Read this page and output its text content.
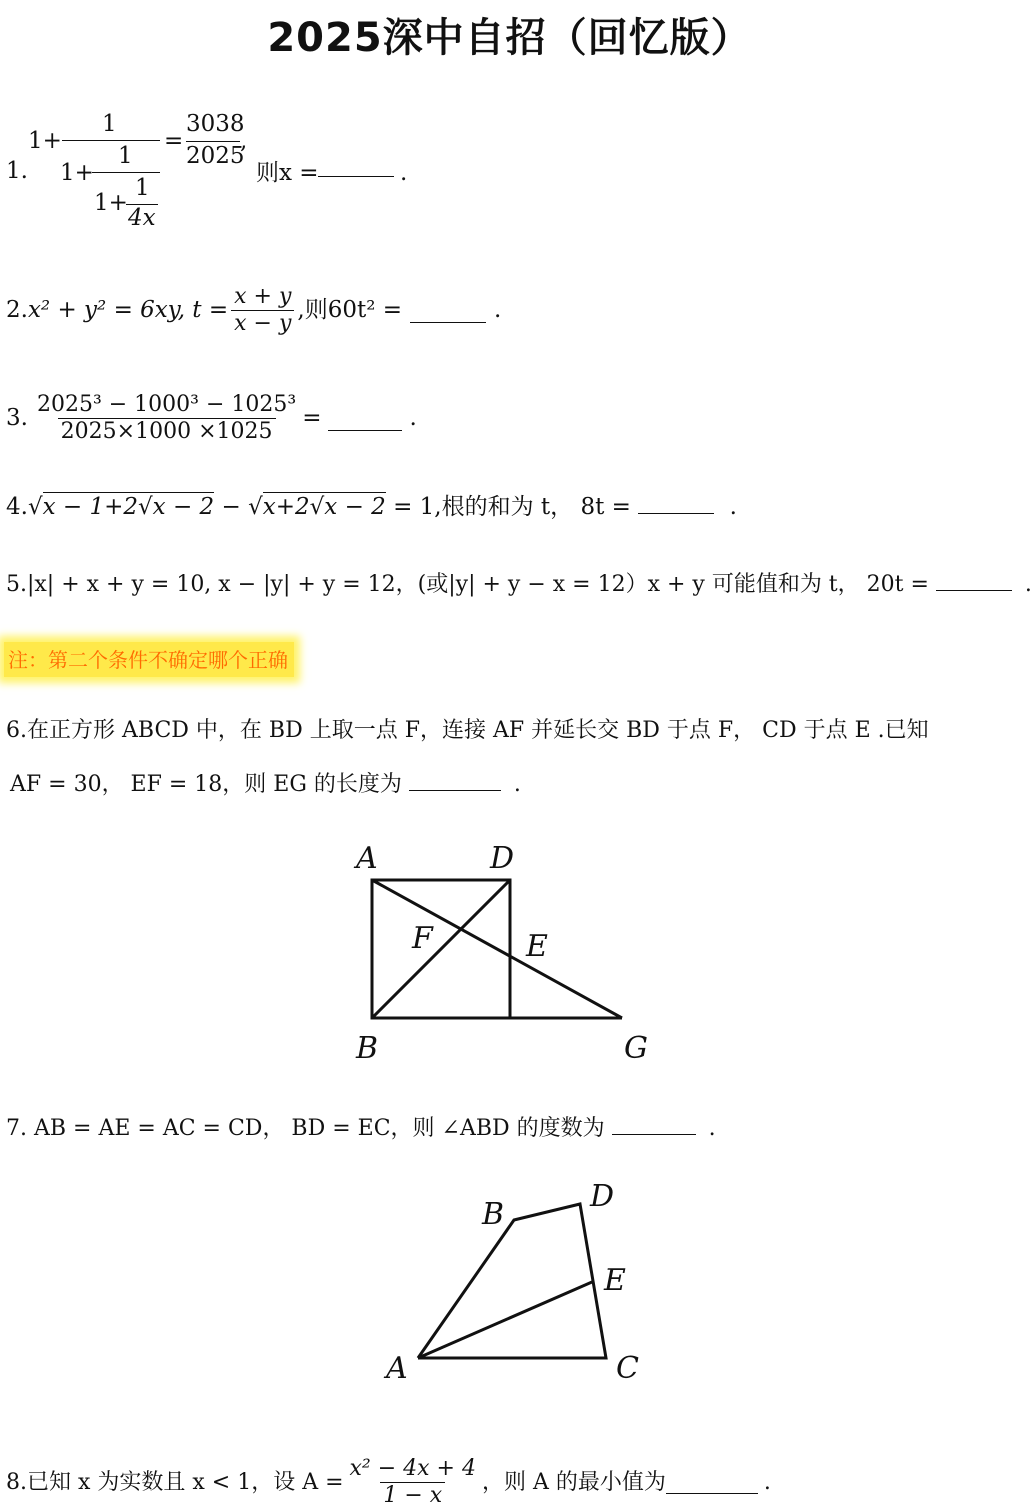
2025深中自招（回忆版）
1.
1+
1
1+
1
1+
1
4x
=
3038
2025
,
则x =	.
2. x² + y² = 6xy, $t = \frac{x + y}{x - y}$ ,则60t² =	.
3. $\frac{\text{2025³ − 1000³ − 1025³}}{2025\times 1000 \times 1025}$ =	.
4.√x − 1+2√x − 2 − √x+2√x − 2 = 1,根的和为 t， 8t =	.
5.|x| + x + y = 10, x − |y| + y = 12，(或|y| + y − x = 12）x + y 可能值和为 t， 20t =	.
注：第二个条件不确定哪个正确
6.在正方形 ABCD 中，在 BD 上取一点 F，连接 AF 并延长交 BD 于点 F， CD 于点 E .已知
AF = 30， EF = 18，则 EG 的长度为	.
A	D
F	E
B	G
7. AB = AE = AC = CD， BD = EC，则 ∠ABD 的度数为	.
B
D
E
A	C
8.已知 x 为实数且 x < 1，设 $A = \frac{\text{x² − 4x + 4}}{1 - x}$ ，则 A 的最小值为	.
